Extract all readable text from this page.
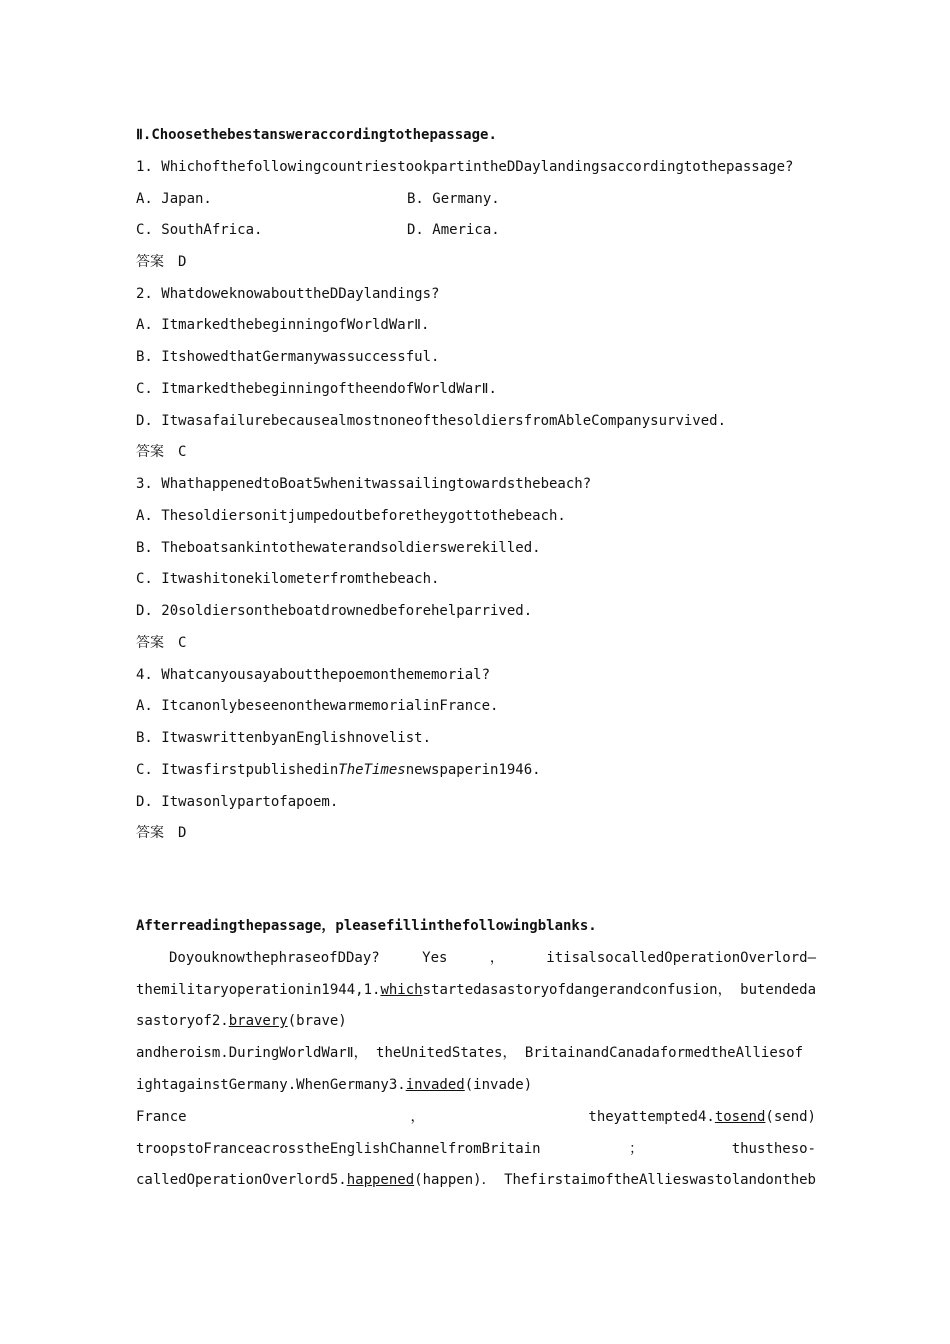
Ⅱ.Choosethebestansweraccordingtothepassage.
1. WhichofthefollowingcountriestookpartintheDDaylandingsaccordingtothepassage?
A. Japan.	B. Germany.
C. SouthAfrica.	D. America.
答案　D
2. WhatdoweknowabouttheDDaylandings?
A. ItmarkedthebeginningofWorldWarⅡ.
B. ItshowedthatGermanywassuccessful.
C. ItmarkedthebeginningoftheendofWorldWarⅡ.
D. ItwasafailurebecausealmostnoneofthesoldiersfromAbleCompanysurvived.
答案　C
3. WhathappenedtoBoat5whenitwassailingtowardsthebeach?
A. Thesoldiersonitjumpedoutbeforetheygottothebeach.
B. Theboatsankintothewaterandsoldierswerekilled.
C. Itwashitonekilometerfromthebeach.
D. 20soldiersontheboatdrownedbeforehelparrived.
答案　C
4. Whatcanyousayaboutthepoemonthememorial?
A. ItcanonlybeseenonthewarmemorialinFrance.
B. ItwaswrittenbyanEnglishnovelist.
C. ItwasfirstpublishedinTheTimesnewspaperin1946.
D. Itwasonlypartofapoem.
答案　D
Afterreadingthepassage，pleasefillinthefollowingblanks.
DoyouknowthephraseofDDay?	Yes	，	itisalsocalledOperationOverlord—
themilitaryoperationin1944,1.whichstartedasastoryofdangerandconfusion， butendeda
sastoryof2.bravery(brave)
andheroism.DuringWorldWarⅡ， theUnitedStates， BritainandCanadaformedtheAlliesof
ightagainstGermany.WhenGermany3.invaded(invade)
France	，	theyattempted4.tosend(send)
troopstoFranceacrosstheEnglishChannelfromBritain	；	thustheso-
calledOperationOverlord5.happened(happen)． ThefirstaimoftheAllieswastolandontheb
